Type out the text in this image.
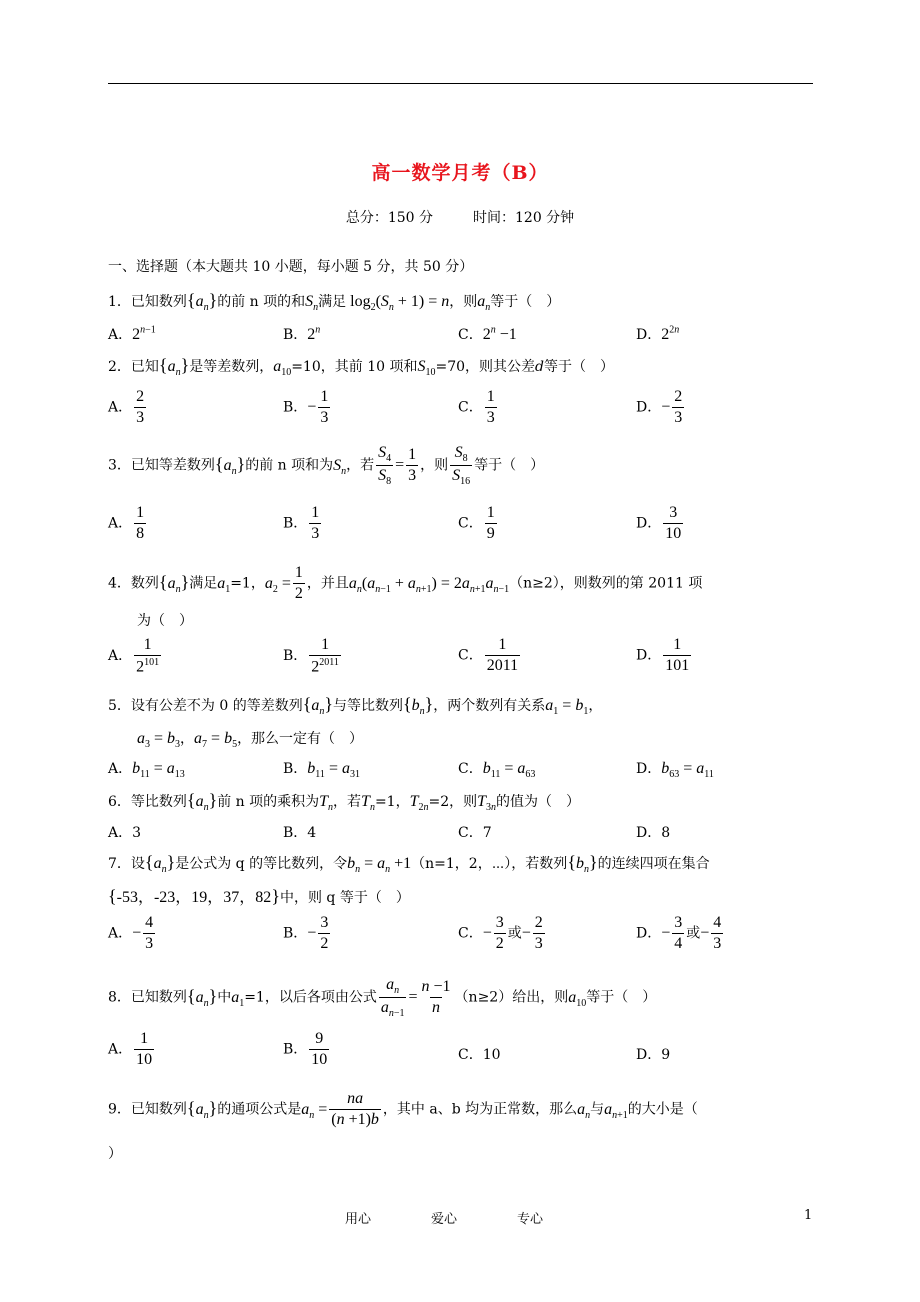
高一数学月考（B）
总分：150 分	时间：120 分钟
一、选择题（本大题共 10 小题，每小题 5 分，共 50 分）
1．已知数列$\{a_n\}$的前 n 项的和$S_n$满足 $\log_2(S_n + 1) = n$，则$a_n$等于（　）
A．$2^{n-1}$	B．2$^n$	C．$2^n -1$	D．$2^{2n}$
2．已知$\{a_n\}$是等差数列，$a_{10}=10$，其前 10 项和$S_{10}=70$，则其公差d等于（　）
A． $\frac{2}{3}$	B．− $\frac{1}{3}$	C． $\frac{1}{3}$	D．− $\frac{2}{3}$
3．已知等差数列$\{a_n\}$的前 n 项和为$S_n$，若 $\frac{S_4}{S_8} = \frac{1}{3}$ ，则 $\frac{S_8}{S_{16}}$ 等于（　）
A． $\frac{1}{8}$	B． $\frac{1}{3}$	C． $\frac{1}{9}$	D． $\frac{3}{10}$
4．数列$\{a_n\}$满足$a_1=1$，$a_2 = \frac{1}{2}$ ，并且$a_n(a_{n-1} + a_{n+1}) = 2a_{n+1}a_{n-1}(n\ge 2)$，则数列的第 2011 项
为（　）
A． $\frac{1}{2^{101}}$	B． $\frac{1}{2^{2011}}$	C． $\frac{1}{2011}$	D． $\frac{1}{101}$
5．设有公差不为 0 的等差数列$\{a_n\}$与等比数列$\{b_n\}$，两个数列有关系$a_1 = b_1$，
$a_3 = b_3$，$a_7 = b_5$，那么一定有（　）
A．$b_{11} = a_{13}$	B．$b_{11} = a_{31}$	C．$b_{11} = a_{63}$	D．$b_{63} = a_{11}$
6．等比数列$\{a_n\}$前 n 项的乘积为$T_n$，若$T_n=1$，$T_{2n}=2$，则$T_{3n}$的值为（　）
A．3	B．4	C．7	D．8
7．设$\{a_n\}$是公式为 q 的等比数列，令$b_n = a_n +1(n=1$，2，⋯），若数列$\{b_n\}$的连续四项在集合
{-53，-23，19，37，82}中，则 q 等于（　）
A．− $\frac{4}{3}$	B．− $\frac{3}{2}$	C．− $\frac{3}{2}$ 或− $\frac{2}{3}$	D．− $\frac{3}{4}$ 或− $\frac{4}{3}$
8．已知数列$\{a_n\}$中$a_1=1$，以后各项由公式 $\frac{a_n}{a_{n-1}} = \frac{n -1}{n} (n\ge 2)$给出，则$a_{10}$等于（　）
A． $\frac{1}{10}$	B． $\frac{9}{10}$	C．10	D．9
9．已知数列$\{a_n\}$的通项公式是$a_n = \frac{na}{(n +1)b}$ ，其中 a、b 均为正常数，那么$a_n$与$a_{n+1}$的大小是（
）
用心	爱心	专心	1
